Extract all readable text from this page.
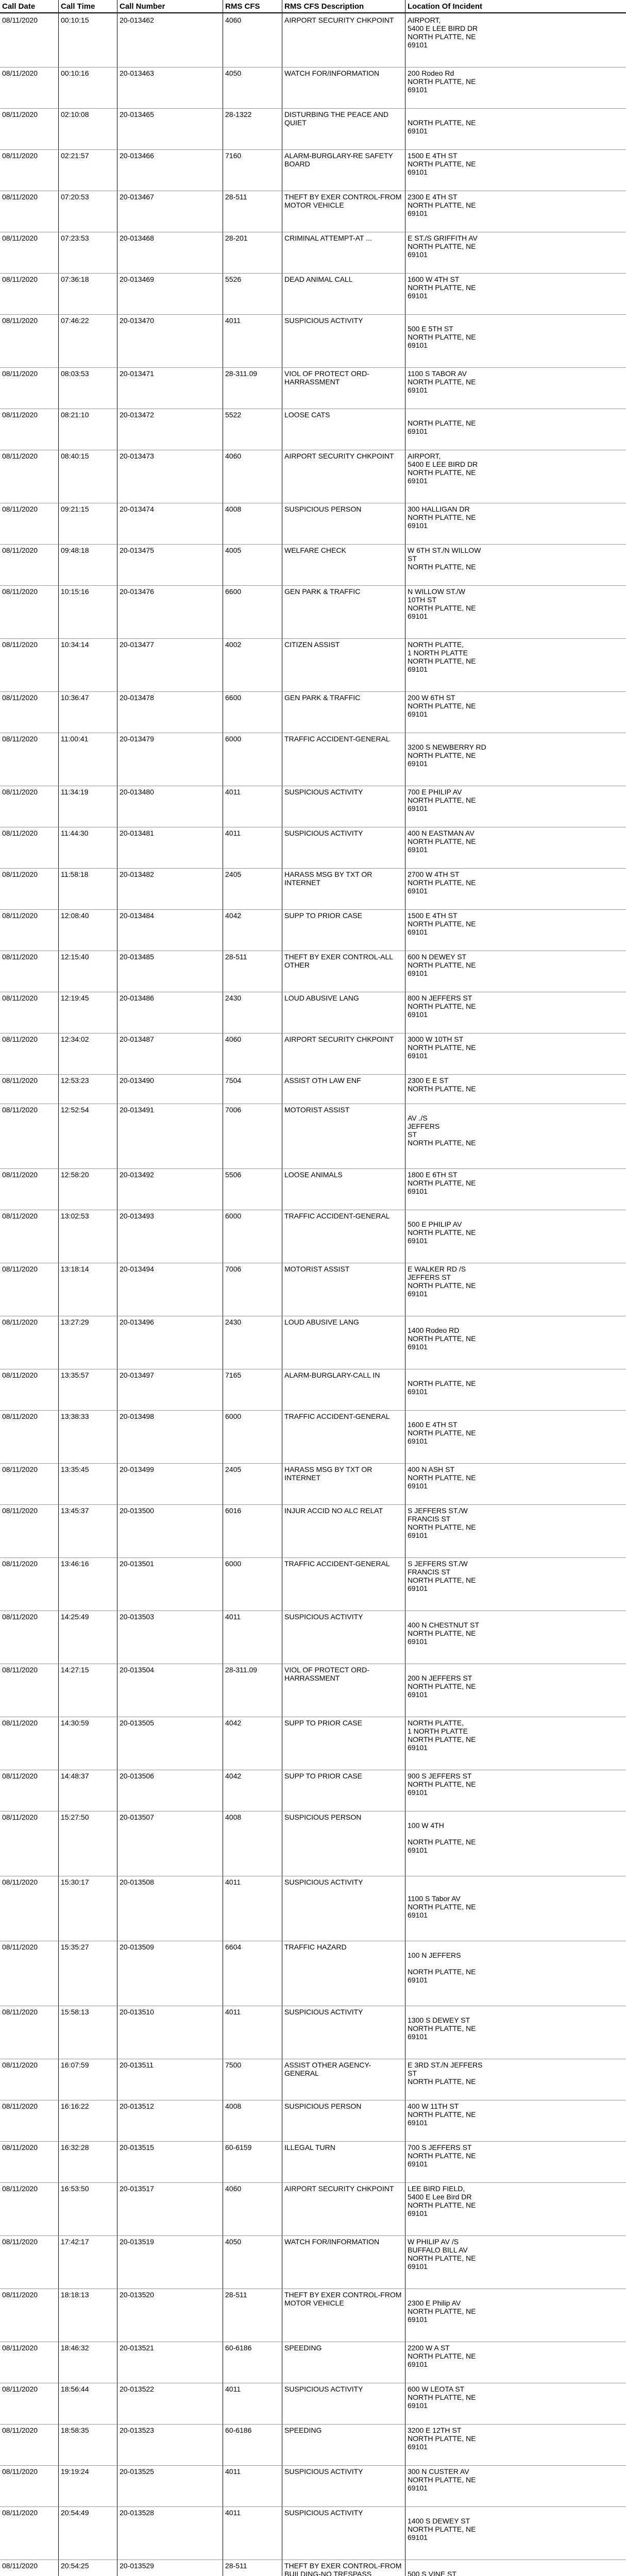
Call Date	Call Time	Call Number	RMS CFS	RMS CFS Description	Location Of Incident
08/11/2020	00:10:15	20-013462	4060	AIRPORT SECURITY CHKPOINT	AIRPORT,
5400 E LEE BIRD DR
NORTH PLATTE, NE
69101
08/11/2020	00:10:16	20-013463	4050	WATCH FOR/INFORMATION	200 Rodeo Rd
NORTH PLATTE, NE
69101
08/11/2020	02:10:08	20-013465	28-1322	DISTURBING THE PEACE AND QUIET	NORTH PLATTE, NE
69101
08/11/2020	02:21:57	20-013466	7160	ALARM-BURGLARY-RE SAFETY BOARD
1500 E 4TH ST
NORTH PLATTE, NE
69101
08/11/2020	07:20:53	20-013467	28-511	THEFT BY EXER CONTROL-FROM MOTOR VEHICLE
2300 E 4TH ST
NORTH PLATTE, NE
69101
08/11/2020	07:23:53	20-013468	28-201	CRIMINAL ATTEMPT-AT ...	E ST./S GRIFFITH AV
NORTH PLATTE, NE
69101
08/11/2020	07:36:18	20-013469	5526	DEAD ANIMAL CALL	1600 W 4TH ST
NORTH PLATTE, NE
69101
08/11/2020	07:46:22	20-013470	4011	SUSPICIOUS ACTIVITY
500 E 5TH ST
NORTH PLATTE, NE
69101
08/11/2020	08:03:53	20-013471	28-311.09	VIOL OF PROTECT ORD-HARRASSMENT
1100 S TABOR AV
NORTH PLATTE, NE
69101
08/11/2020	08:21:10	20-013472	5522	LOOSE CATS
NORTH PLATTE, NE
69101
08/11/2020	08:40:15	20-013473	4060	AIRPORT SECURITY CHKPOINT	AIRPORT,
5400 E LEE BIRD DR
NORTH PLATTE, NE
69101
08/11/2020	09:21:15	20-013474	4008	SUSPICIOUS PERSON	300 HALLIGAN DR
NORTH PLATTE, NE
69101
08/11/2020	09:48:18	20-013475	4005	WELFARE CHECK	W 6TH ST./N WILLOW
ST
NORTH PLATTE, NE
08/11/2020	10:15:16	20-013476	6600	GEN PARK & TRAFFIC	N WILLOW ST./W
10TH ST
NORTH PLATTE, NE
69101
08/11/2020	10:34:14	20-013477	4002	CITIZEN ASSIST	NORTH PLATTE,
1 NORTH PLATTE
NORTH PLATTE, NE
69101
08/11/2020	10:36:47	20-013478	6600	GEN PARK & TRAFFIC	200 W 6TH ST
NORTH PLATTE, NE
69101
08/11/2020	11:00:41	20-013479	6000	TRAFFIC ACCIDENT-GENERAL
3200 S NEWBERRY RD
NORTH PLATTE, NE
69101
08/11/2020	11:34:19	20-013480	4011	SUSPICIOUS ACTIVITY	700 E PHILIP AV
NORTH PLATTE, NE
69101
08/11/2020	11:44:30	20-013481	4011	SUSPICIOUS ACTIVITY	400 N EASTMAN AV
NORTH PLATTE, NE
69101
08/11/2020	11:58:18	20-013482	2405	HARASS MSG BY TXT OR INTERNET
2700 W 4TH ST
NORTH PLATTE, NE
69101
08/11/2020	12:08:40	20-013484	4042	SUPP TO PRIOR CASE	1500 E 4TH ST
NORTH PLATTE, NE
69101
08/11/2020	12:15:40	20-013485	28-511	THEFT BY EXER CONTROL-ALL OTHER
600 N DEWEY ST
NORTH PLATTE, NE
69101
08/11/2020	12:19:45	20-013486	2430	LOUD ABUSIVE LANG	800 N JEFFERS ST
NORTH PLATTE, NE
69101
08/11/2020	12:34:02	20-013487	4060	AIRPORT SECURITY CHKPOINT	3000 W 10TH ST
NORTH PLATTE, NE
69101
08/11/2020	12:53:23	20-013490	7504	ASSIST OTH LAW ENF	2300 E E ST
NORTH PLATTE, NE
08/11/2020	12:52:54	20-013491	7006	MOTORIST ASSIST
AV ./S
JEFFERS
ST
NORTH PLATTE, NE
08/11/2020	12:58:20	20-013492	5506	LOOSE ANIMALS	1800 E 6TH ST
NORTH PLATTE, NE
69101
08/11/2020	13:02:53	20-013493	6000	TRAFFIC ACCIDENT-GENERAL
500 E PHILIP AV
NORTH PLATTE, NE
69101
08/11/2020	13:18:14	20-013494	7006	MOTORIST ASSIST	E WALKER RD /S
JEFFERS ST
NORTH PLATTE, NE
69101
08/11/2020	13:27:29	20-013496	2430	LOUD ABUSIVE LANG
1400 Rodeo RD
NORTH PLATTE, NE
69101
08/11/2020	13:35:57	20-013497	7165	ALARM-BURGLARY-CALL IN
NORTH PLATTE, NE
69101
08/11/2020	13:38:33	20-013498	6000	TRAFFIC ACCIDENT-GENERAL
1600 E 4TH ST
NORTH PLATTE, NE
69101
08/11/2020	13:35:45	20-013499	2405	HARASS MSG BY TXT OR INTERNET
400 N ASH ST
NORTH PLATTE, NE
69101
08/11/2020	13:45:37	20-013500	6016	INJUR ACCID NO ALC RELAT	S JEFFERS ST./W
FRANCIS ST
NORTH PLATTE, NE
69101
08/11/2020	13:46:16	20-013501	6000	TRAFFIC ACCIDENT-GENERAL	S JEFFERS ST./W
FRANCIS ST
NORTH PLATTE, NE
69101
08/11/2020	14:25:49	20-013503	4011	SUSPICIOUS ACTIVITY
400 N CHESTNUT ST
NORTH PLATTE, NE
69101
08/11/2020	14:27:15	20-013504	28-311.09	VIOL OF PROTECT ORD-HARRASSMENT	200 N JEFFERS ST
NORTH PLATTE, NE
69101
08/11/2020	14:30:59	20-013505	4042	SUPP TO PRIOR CASE	NORTH PLATTE,
1 NORTH PLATTE
NORTH PLATTE, NE
69101
08/11/2020	14:48:37	20-013506	4042	SUPP TO PRIOR CASE	900 S JEFFERS ST
NORTH PLATTE, NE
69101
08/11/2020	15:27:50	20-013507	4008	SUSPICIOUS PERSON
100 W 4TH
NORTH PLATTE, NE
69101
08/11/2020	15:30:17	20-013508	4011	SUSPICIOUS ACTIVITY
1100 S Tabor AV
NORTH PLATTE, NE
69101
08/11/2020	15:35:27	20-013509	6604	TRAFFIC HAZARD
100 N JEFFERS
NORTH PLATTE, NE
69101
08/11/2020	15:58:13	20-013510	4011	SUSPICIOUS ACTIVITY
1300 S DEWEY ST
NORTH PLATTE, NE
69101
08/11/2020	16:07:59	20-013511	7500	ASSIST OTHER AGENCY-GENERAL
E 3RD ST./N JEFFERS
ST
NORTH PLATTE, NE
08/11/2020	16:16:22	20-013512	4008	SUSPICIOUS PERSON	400 W 11TH ST
NORTH PLATTE, NE
69101
08/11/2020	16:32:28	20-013515	60-6159	ILLEGAL TURN	700 S JEFFERS ST
NORTH PLATTE, NE
69101
08/11/2020	16:53:50	20-013517	4060	AIRPORT SECURITY CHKPOINT	LEE BIRD FIELD,
5400 E Lee Bird DR
NORTH PLATTE, NE
69101
08/11/2020	17:42:17	20-013519	4050	WATCH FOR/INFORMATION	W PHILIP AV /S
BUFFALO BILL AV
NORTH PLATTE, NE
69101
08/11/2020	18:18:13	20-013520	28-511	THEFT BY EXER CONTROL-FROM MOTOR VEHICLE	2300 E Philip AV
NORTH PLATTE, NE
69101
08/11/2020	18:46:32	20-013521	60-6186	SPEEDING	2200 W A ST
NORTH PLATTE, NE
69101
08/11/2020	18:56:44	20-013522	4011	SUSPICIOUS ACTIVITY	600 W LEOTA ST
NORTH PLATTE, NE
69101
08/11/2020	18:58:35	20-013523	60-6186	SPEEDING	3200 E 12TH ST
NORTH PLATTE, NE
69101
08/11/2020	19:19:24	20-013525	4011	SUSPICIOUS ACTIVITY	300 N CUSTER AV
NORTH PLATTE, NE
69101
08/11/2020	20:54:49	20-013528	4011	SUSPICIOUS ACTIVITY
1400 S DEWEY ST
NORTH PLATTE, NE
69101
08/11/2020	20:54:25	20-013529	28-511	THEFT BY EXER CONTROL-FROM BUILDING-NO TRESPASS	500 S VINE ST
